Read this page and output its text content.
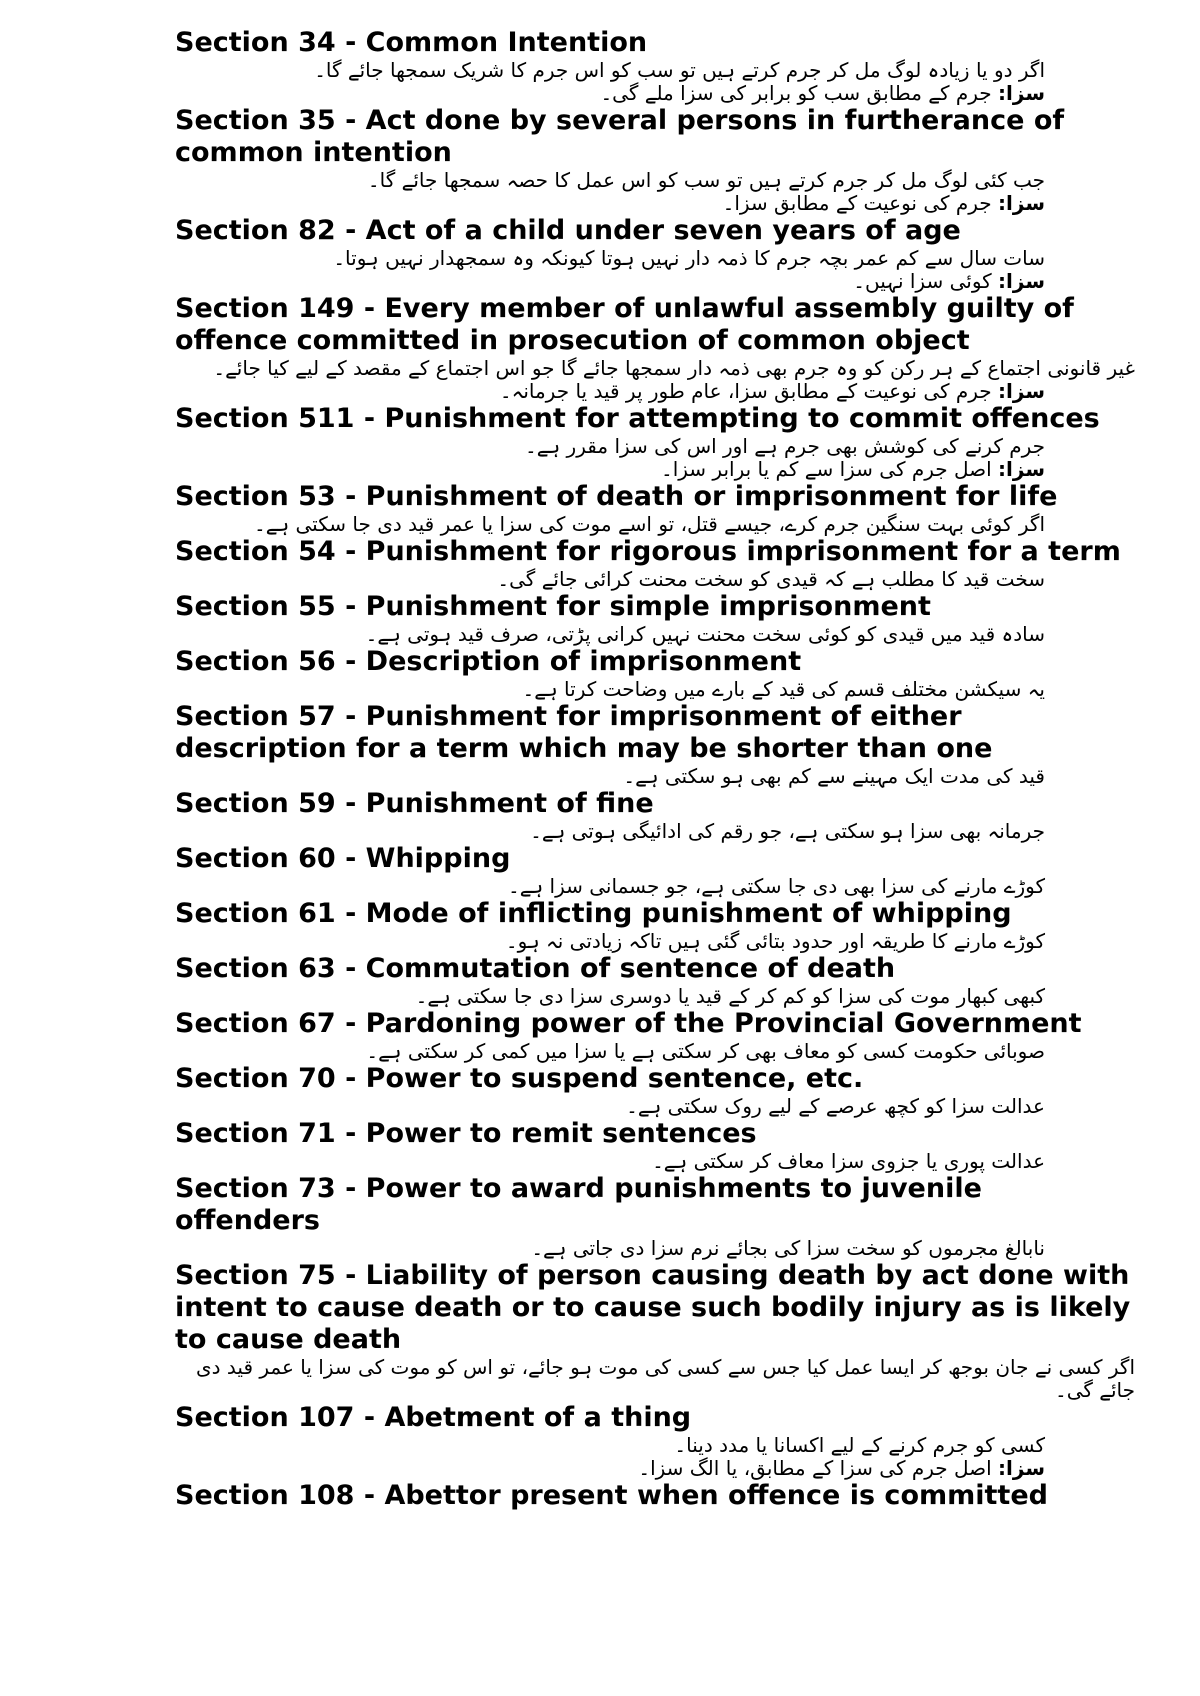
Section 34 - Common Intention
اگر دو یا زیادہ لوگ مل کر جرم کرتے ہیں تو سب کو اس جرم کا شریک سمجھا جائے گا۔
سزا: جرم کے مطابق سب کو برابر کی سزا ملے گی۔
Section 35 - Act done by several persons in furtherance of common intention
جب کئی لوگ مل کر جرم کرتے ہیں تو سب کو اس عمل کا حصہ سمجھا جائے گا۔
سزا: جرم کی نوعیت کے مطابق سزا۔
Section 82 - Act of a child under seven years of age
سات سال سے کم عمر بچہ جرم کا ذمہ دار نہیں ہوتا کیونکہ وہ سمجھدار نہیں ہوتا۔
سزا: کوئی سزا نہیں۔
Section 149 - Every member of unlawful assembly guilty of offence committed in prosecution of common object
غیر قانونی اجتماع کے ہر رکن کو وہ جرم بھی ذمہ دار سمجھا جائے گا جو اس اجتماع کے مقصد کے لیے کیا جائے۔
سزا: جرم کی نوعیت کے مطابق سزا، عام طور پر قید یا جرمانہ۔
Section 511 - Punishment for attempting to commit offences
جرم کرنے کی کوشش بھی جرم ہے اور اس کی سزا مقرر ہے۔
سزا: اصل جرم کی سزا سے کم یا برابر سزا۔
Section 53 - Punishment of death or imprisonment for life
اگر کوئی بہت سنگین جرم کرے، جیسے قتل، تو اسے موت کی سزا یا عمر قید دی جا سکتی ہے۔
Section 54 - Punishment for rigorous imprisonment for a term
سخت قید کا مطلب ہے کہ قیدی کو سخت محنت کرائی جائے گی۔
Section 55 - Punishment for simple imprisonment
سادہ قید میں قیدی کو کوئی سخت محنت نہیں کرانی پڑتی، صرف قید ہوتی ہے۔
Section 56 - Description of imprisonment
یہ سیکشن مختلف قسم کی قید کے بارے میں وضاحت کرتا ہے۔
Section 57 - Punishment for imprisonment of either description for a term which may be shorter than one
قید کی مدت ایک مہینے سے کم بھی ہو سکتی ہے۔
Section 59 - Punishment of fine
جرمانہ بھی سزا ہو سکتی ہے، جو رقم کی ادائیگی ہوتی ہے۔
Section 60 - Whipping
کوڑے مارنے کی سزا بھی دی جا سکتی ہے، جو جسمانی سزا ہے۔
Section 61 - Mode of inflicting punishment of whipping
کوڑے مارنے کا طریقہ اور حدود بتائی گئی ہیں تاکہ زیادتی نہ ہو۔
Section 63 - Commutation of sentence of death
کبھی کبھار موت کی سزا کو کم کر کے قید یا دوسری سزا دی جا سکتی ہے۔
Section 67 - Pardoning power of the Provincial Government
صوبائی حکومت کسی کو معاف بھی کر سکتی ہے یا سزا میں کمی کر سکتی ہے۔
Section 70 - Power to suspend sentence, etc.
عدالت سزا کو کچھ عرصے کے لیے روک سکتی ہے۔
Section 71 - Power to remit sentences
عدالت پوری یا جزوی سزا معاف کر سکتی ہے۔
Section 73 - Power to award punishments to juvenile offenders
نابالغ مجرموں کو سخت سزا کی بجائے نرم سزا دی جاتی ہے۔
Section 75 - Liability of person causing death by act done with intent to cause death or to cause such bodily injury as is likely to cause death
اگر کسی نے جان بوجھ کر ایسا عمل کیا جس سے کسی کی موت ہو جائے، تو اس کو موت کی سزا یا عمر قید دی جائے گی۔
Section 107 - Abetment of a thing
کسی کو جرم کرنے کے لیے اکسانا یا مدد دینا۔
سزا: اصل جرم کی سزا کے مطابق، یا الگ سزا۔
Section 108 - Abettor present when offence is committed
